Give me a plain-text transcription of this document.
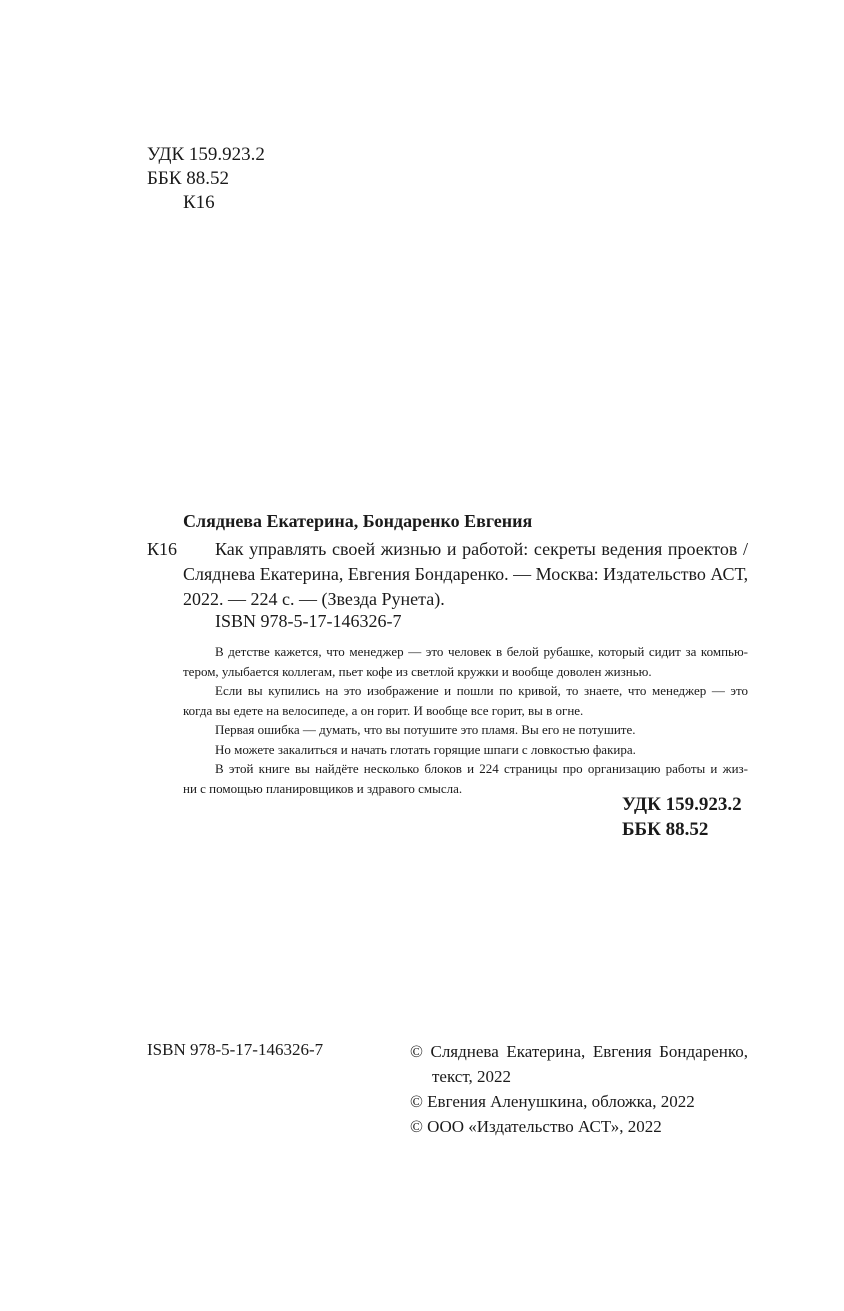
УДК 159.923.2
ББК 88.52
К16
Сляднева Екатерина, Бондаренко Евгения
К16	Как управлять своей жизнью и работой: секреты ведения проектов /
Сляднева Екатерина, Евгения Бондаренко. — Москва: Издательство АСТ,
2022. — 224 с. — (Звезда Рунета).
ISBN 978-5-17-146326-7
В детстве кажется, что менеджер — это человек в белой рубашке, который сидит за компью-
тером, улыбается коллегам, пьет кофе из светлой кружки и вообще доволен жизнью.
Если вы купились на это изображение и пошли по кривой, то знаете, что менеджер — это
когда вы едете на велосипеде, а он горит. И вообще все горит, вы в огне.
Первая ошибка — думать, что вы потушите это пламя. Вы его не потушите.
Но можете закалиться и начать глотать горящие шпаги с ловкостью факира.
В этой книге вы найдёте несколько блоков и 224 страницы про организацию работы и жиз-
ни с помощью планировщиков и здравого смысла.
УДК 159.923.2
ББК 88.52
ISBN 978-5-17-146326-7	© Сляднева Екатерина, Евгения Бондаренко,
текст, 2022
© Евгения Аленушкина, обложка, 2022
© ООО «Издательство АСТ», 2022
